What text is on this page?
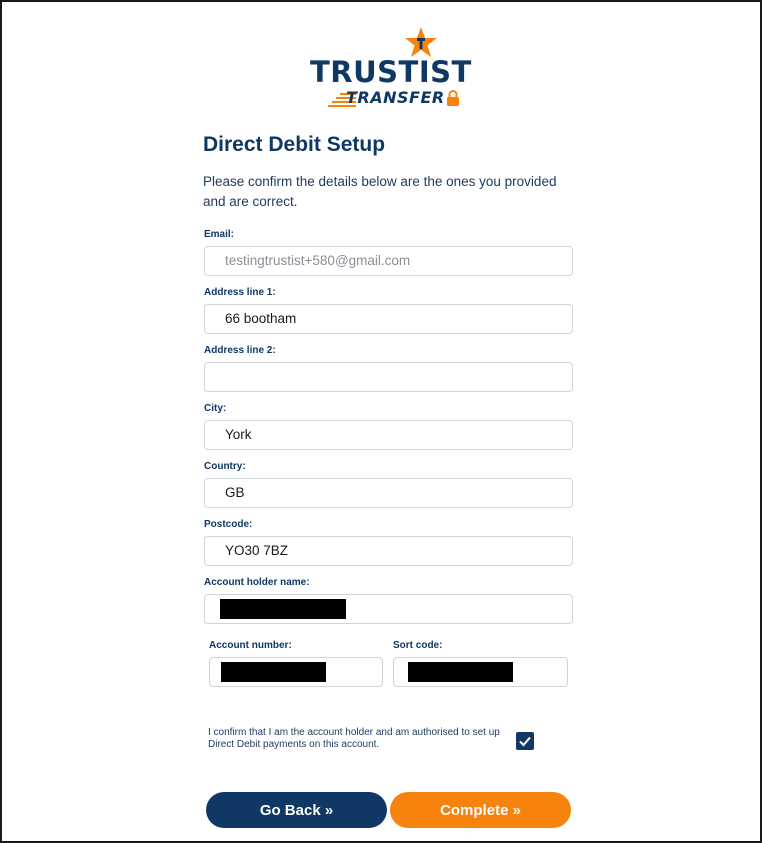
TRUSTIST
TRANSFER
Direct Debit Setup

Please confirm the details below are the ones you provided and are correct.

Email:
testingtrustist+580@gmail.com
Address line 1:
66 bootham
Address line 2:
City:
York
Country:
GB
Postcode:
YO30 7BZ
Account holder name:
Account number:	Sort code:
I confirm that I am the account holder and am authorised to set up Direct Debit payments on this account.
Go Back »	Complete »
